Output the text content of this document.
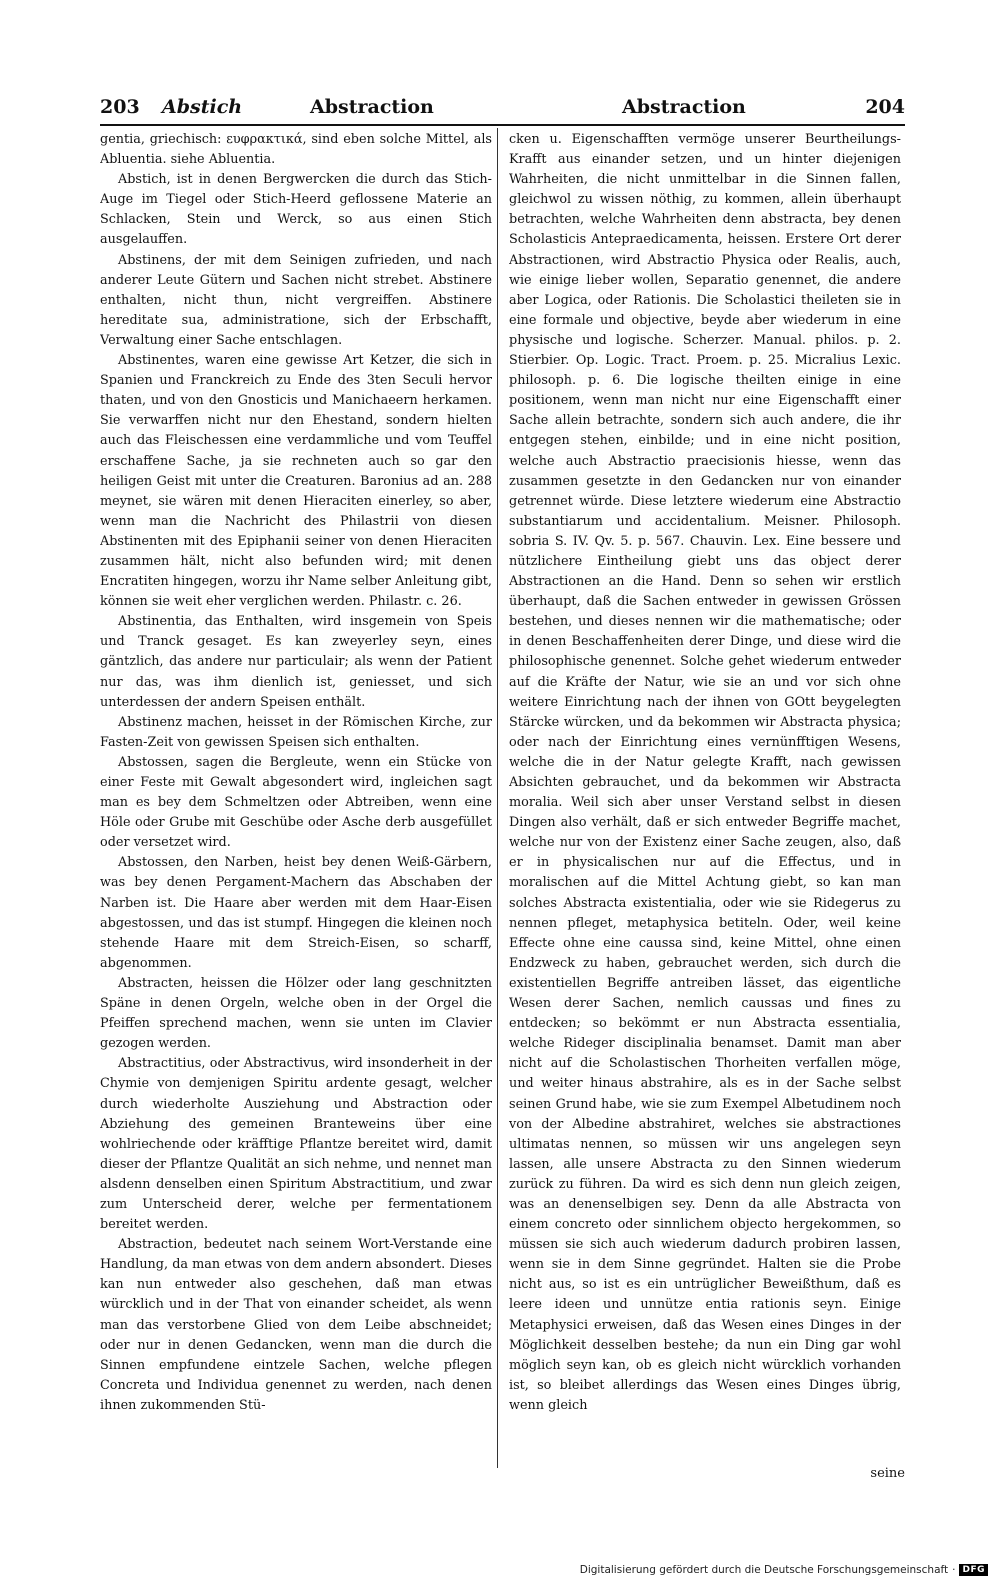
203 Abstich	Abstraction	Abstraction	204

gentia, griechisch: ευφρακτικά, sind eben solche Mittel, als Abluentia. siehe Abluentia.

Abstich, ist in denen Bergwercken die durch das Stich-Auge im Tiegel oder Stich-Heerd geflossene Materie an Schlacken, Stein und Werck, so aus einen Stich ausgelauffen.

Abstinens, der mit dem Seinigen zufrieden, und nach anderer Leute Gütern und Sachen nicht strebet. Abstinere enthalten, nicht thun, nicht vergreiffen. Abstinere hereditate sua, administratione, sich der Erbschafft, Verwaltung einer Sache entschlagen.

Abstinentes, waren eine gewisse Art Ketzer, die sich in Spanien und Franckreich zu Ende des 3ten Seculi hervor thaten, und von den Gnosticis und Manichaeern herkamen. Sie verwarffen nicht nur den Ehestand, sondern hielten auch das Fleischessen eine verdammliche und vom Teuffel erschaffene Sache, ja sie rechneten auch so gar den heiligen Geist mit unter die Creaturen. Baronius ad an. 288 meynet, sie wären mit denen Hieraciten einerley, so aber, wenn man die Nachricht des Philastrii von diesen Abstinenten mit des Epiphanii seiner von denen Hieraciten zusammen hält, nicht also befunden wird; mit denen Encratiten hingegen, worzu ihr Name selber Anleitung gibt, können sie weit eher verglichen werden. Philastr. c. 26.

Abstinentia, das Enthalten, wird insgemein von Speis und Tranck gesaget. Es kan zweyerley seyn, eines gäntzlich, das andere nur particulair; als wenn der Patient nur das, was ihm dienlich ist, geniesset, und sich unterdessen der andern Speisen enthält.

Abstinenz machen, heisset in der Römischen Kirche, zur Fasten-Zeit von gewissen Speisen sich enthalten.

Abstossen, sagen die Bergleute, wenn ein Stücke von einer Feste mit Gewalt abgesondert wird, ingleichen sagt man es bey dem Schmeltzen oder Abtreiben, wenn eine Höle oder Grube mit Geschübe oder Asche derb ausgefüllet oder versetzet wird.

Abstossen, den Narben, heist bey denen Weiß-Gärbern, was bey denen Pergament-Machern das Abschaben der Narben ist. Die Haare aber werden mit dem Haar-Eisen abgestossen, und das ist stumpf. Hingegen die kleinen noch stehende Haare mit dem Streich-Eisen, so scharff, abgenommen.

Abstracten, heissen die Hölzer oder lang geschnitzten Späne in denen Orgeln, welche oben in der Orgel die Pfeiffen sprechend machen, wenn sie unten im Clavier gezogen werden.

Abstractitius, oder Abstractivus, wird insonderheit in der Chymie von demjenigen Spiritu ardente gesagt, welcher durch wiederholte Ausziehung und Abstraction oder Abziehung des gemeinen Branteweins über eine wohlriechende oder kräfftige Pflantze bereitet wird, damit dieser der Pflantze Qualität an sich nehme, und nennet man alsdenn denselben einen Spiritum Abstractitium, und zwar zum Unterscheid derer, welche per fermentationem bereitet werden.

Abstraction, bedeutet nach seinem Wort-Verstande eine Handlung, da man etwas von dem andern absondert. Dieses kan nun entweder also geschehen, daß man etwas würcklich und in der That von einander scheidet, als wenn man das verstorbene Glied von dem Leibe abschneidet; oder nur in denen Gedancken, wenn man die durch die Sinnen empfundene eintzele Sachen, welche pflegen Concreta und Individua genennet zu werden, nach denen ihnen zukommenden Stü-

cken u. Eigenschafften vermöge unserer Beurtheilungs-Krafft aus einander setzen, und un hinter diejenigen Wahrheiten, die nicht unmittelbar in die Sinnen fallen, gleichwol zu wissen nöthig, zu kommen, allein überhaupt betrachten, welche Wahrheiten denn abstracta, bey denen Scholasticis Antepraedicamenta, heissen. Erstere Ort derer Abstractionen, wird Abstractio Physica oder Realis, auch, wie einige lieber wollen, Separatio genennet, die andere aber Logica, oder Rationis. Die Scholastici theileten sie in eine formale und objective, beyde aber wiederum in eine physische und logische. Scherzer. Manual. philos. p. 2. Stierbier. Op. Logic. Tract. Proem. p. 25. Micralius Lexic. philosoph. p. 6. Die logische theilten einige in eine positionem, wenn man nicht nur eine Eigenschafft einer Sache allein betrachte, sondern sich auch andere, die ihr entgegen stehen, einbilde; und in eine nicht position, welche auch Abstractio praecisionis hiesse, wenn das zusammen gesetzte in den Gedancken nur von einander getrennet würde. Diese letztere wiederum eine Abstractio substantiarum und accidentalium. Meisner. Philosoph. sobria S. IV. Qv. 5. p. 567. Chauvin. Lex. Eine bessere und nützlichere Eintheilung giebt uns das object derer Abstractionen an die Hand. Denn so sehen wir erstlich überhaupt, daß die Sachen entweder in gewissen Grössen bestehen, und dieses nennen wir die mathematische; oder in denen Beschaffenheiten derer Dinge, und diese wird die philosophische genennet. Solche gehet wiederum entweder auf die Kräfte der Natur, wie sie an und vor sich ohne weitere Einrichtung nach der ihnen von GOtt beygelegten Stärcke würcken, und da bekommen wir Abstracta physica; oder nach der Einrichtung eines vernünfftigen Wesens, welche die in der Natur gelegte Krafft, nach gewissen Absichten gebrauchet, und da bekommen wir Abstracta moralia. Weil sich aber unser Verstand selbst in diesen Dingen also verhält, daß er sich entweder Begriffe machet, welche nur von der Existenz einer Sache zeugen, also, daß er in physicalischen nur auf die Effectus, und in moralischen auf die Mittel Achtung giebt, so kan man solches Abstracta existentialia, oder wie sie Ridegerus zu nennen pfleget, metaphysica betiteln. Oder, weil keine Effecte ohne eine caussa sind, keine Mittel, ohne einen Endzweck zu haben, gebrauchet werden, sich durch die existentiellen Begriffe antreiben lässet, das eigentliche Wesen derer Sachen, nemlich caussas und fines zu entdecken; so bekömmt er nun Abstracta essentialia, welche Rideger disciplinalia benamset. Damit man aber nicht auf die Scholastischen Thorheiten verfallen möge, und weiter hinaus abstrahire, als es in der Sache selbst seinen Grund habe, wie sie zum Exempel Albetudinem noch von der Albedine abstrahiret, welches sie abstractiones ultimatas nennen, so müssen wir uns angelegen seyn lassen, alle unsere Abstracta zu den Sinnen wiederum zurück zu führen. Da wird es sich denn nun gleich zeigen, was an denenselbigen sey. Denn da alle Abstracta von einem concreto oder sinnlichem objecto hergekommen, so müssen sie sich auch wiederum dadurch probiren lassen, wenn sie in dem Sinne gegründet. Halten sie die Probe nicht aus, so ist es ein untrüglicher Beweißthum, daß es leere ideen und unnütze entia rationis seyn. Einige Metaphysici erweisen, daß das Wesen eines Dinges in der Möglichkeit desselben bestehe; da nun ein Ding gar wohl möglich seyn kan, ob es gleich nicht würcklich vorhanden ist, so bleibet allerdings das Wesen eines Dinges übrig, wenn gleich

seine
Digitalisierung gefördert durch die Deutsche Forschungsgemeinschaft · DFG
